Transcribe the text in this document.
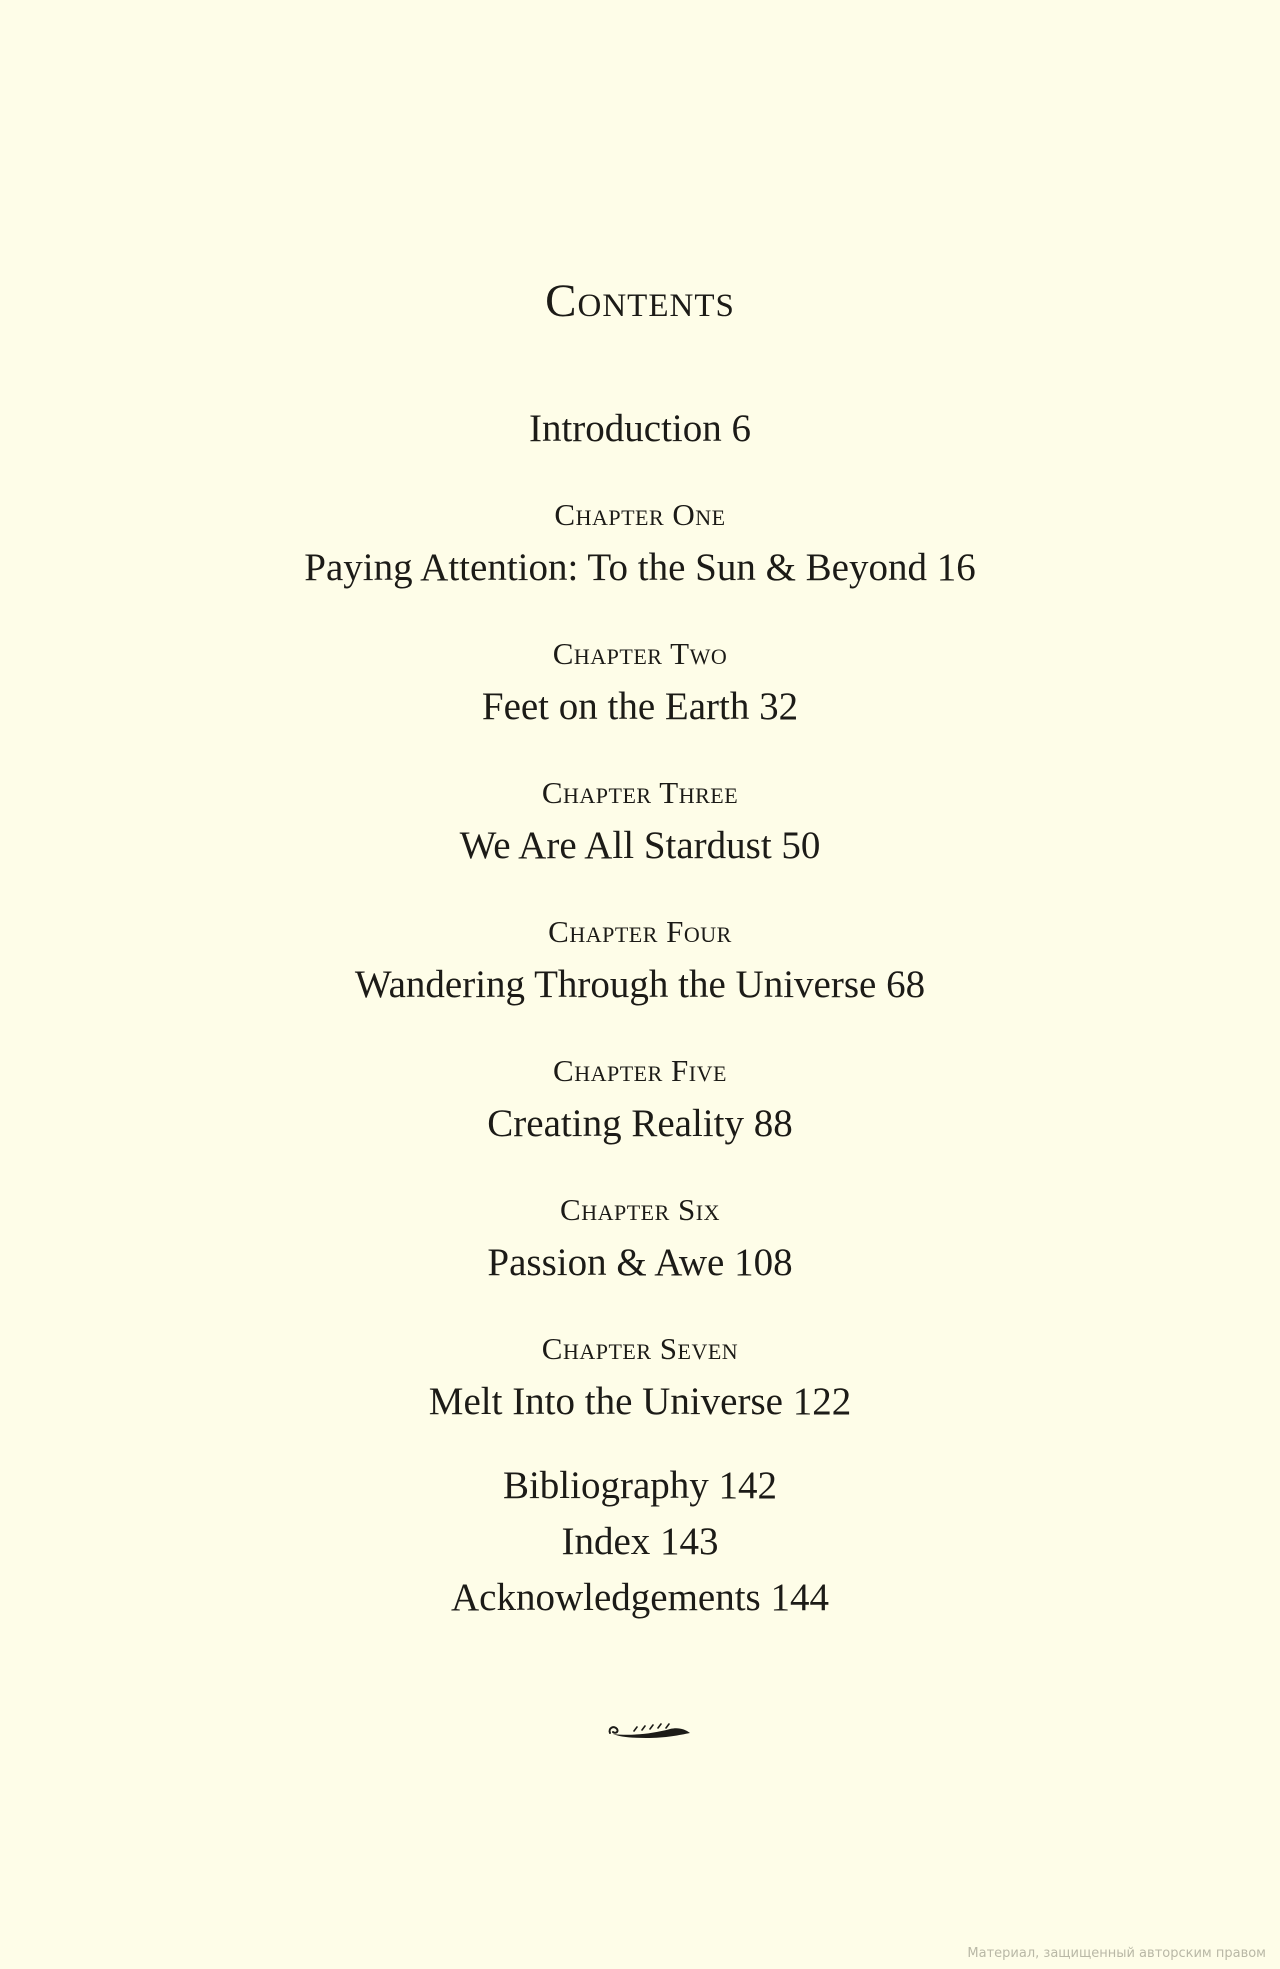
Contents
Introduction 6
Chapter One
Paying Attention: To the Sun & Beyond 16
Chapter Two
Feet on the Earth 32
Chapter Three
We Are All Stardust 50
Chapter Four
Wandering Through the Universe 68
Chapter Five
Creating Reality 88
Chapter Six
Passion & Awe 108
Chapter Seven
Melt Into the Universe 122
Bibliography 142
Index 143
Acknowledgements 144
Материал, защищенный авторским правом
